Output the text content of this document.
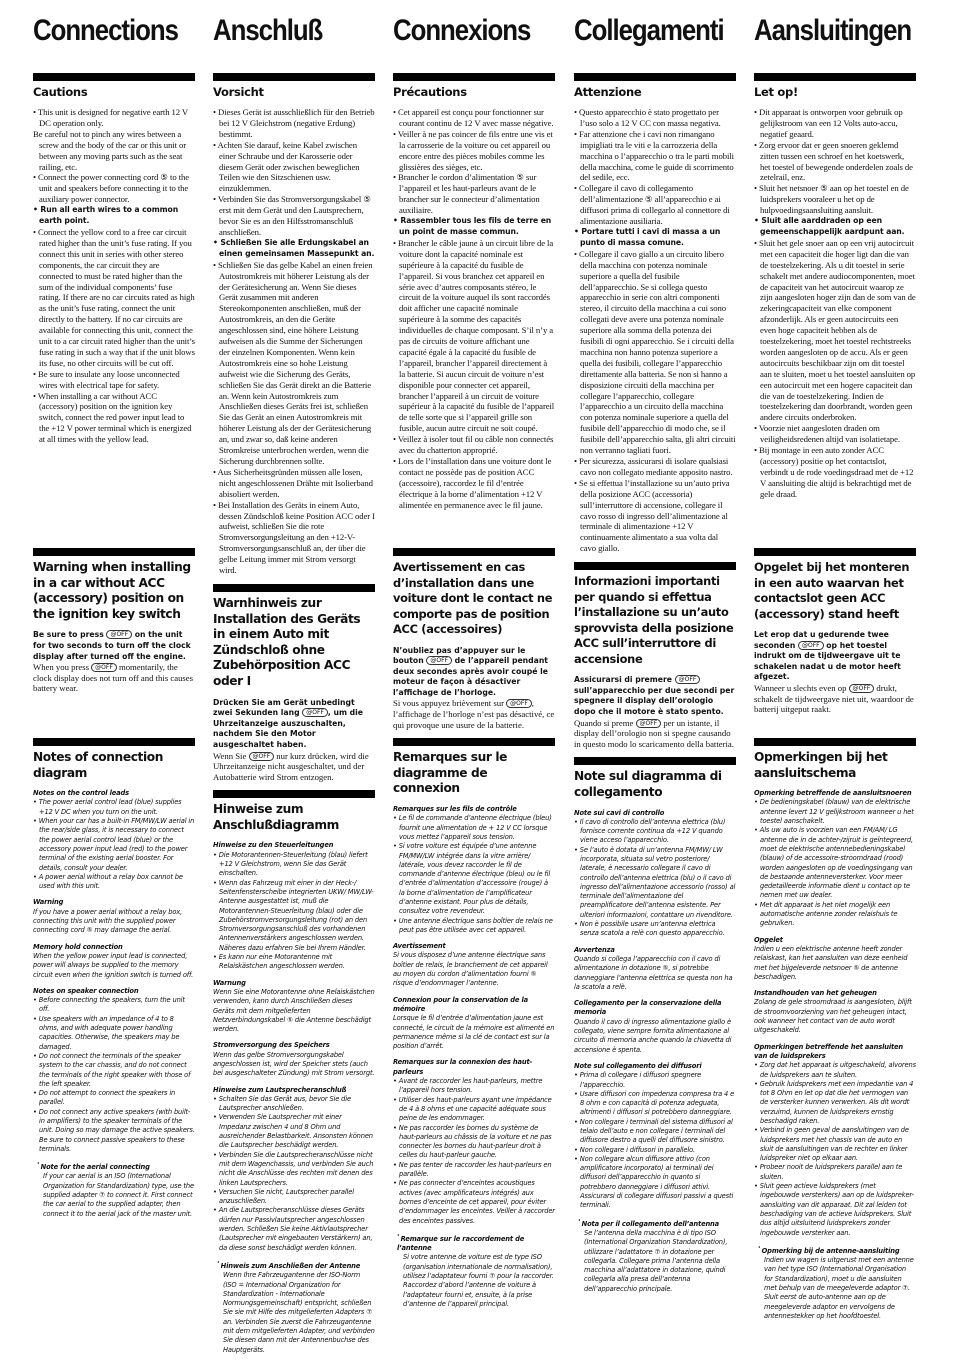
Connections
Cautions
• This unit is designed for negative earth 12 V DC operation only.
Be careful not to pinch any wires between a screw and the body of the car or this unit or between any moving parts such as the seat railing, etc.
• Connect the power connecting cord ⑤ to the unit and speakers before connecting it to the auxiliary power connector.
• Run all earth wires to a common earth point.
• Connect the yellow cord to a free car circuit rated higher than the unit’s fuse rating. If you connect this unit in series with other stereo components, the car circuit they are connected to must be rated higher than the sum of the individual components’ fuse rating. If there are no car circuits rated as high as the unit’s fuse rating, connect the unit directly to the battery. If no car circuits are available for connecting this unit, connect the unit to a car circuit rated higher than the unit’s fuse rating in such a way that if the unit blows its fuse, no other circuits will be cut off.
• Be sure to insulate any loose unconnected wires with electrical tape for safety.
• When installing a car without ACC (accessory) position on the ignition key switch, connect the red power input lead to the +12 V power terminal which is energized at all times with the yellow lead.
Warning when installing in a car without ACC (accessory) position on the ignition key switch
Be sure to press @OFF on the unit for two seconds to turn off the clock display after turned off the engine.
When you press @OFF momentarily, the clock display does not turn off and this causes battery wear.
Notes of connection diagram
Notes on the control leads
• The power aerial control lead (blue) supplies +12 V DC when you turn on the unit.
• When your car has a built-in FM/MW/LW aerial in the rear/side glass, it is necessary to connect the power aerial control lead (blue) or the accessory power input lead (red) to the power terminal of the existing aerial booster. For details, consult your dealer.
• A power aerial without a relay box cannot be used with this unit.
Warning
If you have a power aerial without a relay box, connecting this unit with the supplied power connecting cord ⑤ may damage the aerial.
Memory hold connection
When the yellow power input lead is connected, power will always be supplied to the memory circuit even when the ignition switch is turned off.
Notes on speaker connection
• Before connecting the speakers, turn the unit off.
• Use speakers with an impedance of 4 to 8 ohms, and with adequate power handling capacities. Otherwise, the speakers may be damaged.
• Do not connect the terminals of the speaker system to the car chassis, and do not connect the terminals of the right speaker with those of the left speaker.
• Do not attempt to connect the speakers in parallel.
• Do not connect any active speakers (with built-in amplifiers) to the speaker terminals of the unit. Doing so may damage the active speakers. Be sure to connect passive speakers to these terminals.
¹ Note for the aerial connecting
If your car aerial is an ISO (International Organization for Standardization) type, use the supplied adapter ⑦ to connect it. First connect the car aerial to the supplied adapter, then connect it to the aerial jack of the master unit.
Anschluß
Vorsicht
• Dieses Gerät ist ausschließlich für den Betrieb bei 12 V Gleichstrom (negative Erdung) bestimmt.
• Achten Sie darauf, keine Kabel zwischen einer Schraube und der Karosserie oder diesem Gerät oder zwischen beweglichen Teilen wie den Sitzschienen usw. einzuklemmen.
• Verbinden Sie das Stromversorgungskabel ⑤ erst mit dem Gerät und den Lautsprechern, bevor Sie es an den Hilfsstromanschluß anschließen.
• Schließen Sie alle Erdungskabel an einen gemeinsamen Massepunkt an.
• Schließen Sie das gelbe Kabel an einen freien Autostromkreis mit höherer Leistung als der der Gerätesicherung an. Wenn Sie dieses Gerät zusammen mit anderen Stereokomponenten anschließen, muß der Autostromkreis, an den die Geräte angeschlossen sind, eine höhere Leistung aufweisen als die Summe der Sicherungen der einzelnen Komponenten. Wenn kein Autostromkreis eine so hohe Leistung aufweist wie die Sicherung des Geräts, schließen Sie das Gerät direkt an die Batterie an. Wenn kein Autostromkreis zum Anschließen dieses Geräts frei ist, schließen Sie das Gerät an einen Autostromkreis mit höherer Leistung als der der Gerätesicherung an, und zwar so, daß keine anderen Stromkreise unterbrochen werden, wenn die Sicherung durchbrennen sollte.
• Aus Sicherheitsgründen müssen alle losen, nicht angeschlossenen Drähte mit Isolierband abisoliert werden.
• Bei Installation des Geräts in einem Auto, dessen Zündschloß keine Position ACC oder I aufweist, schließen Sie die rote Stromversorgungsleitung an den +12-V-Stromversorgungsanschluß an, der über die gelbe Leitung immer mit Strom versorgt wird.
Warnhinweis zur Installation des Geräts in einem Auto mit Zündschloß ohne Zubehörposition ACC oder I
Drücken Sie am Gerät unbedingt zwei Sekunden lang @OFF , um die Uhrzeitanzeige auszuschalten, nachdem Sie den Motor ausgeschaltet haben.
Wenn Sie @OFF nur kurz drücken, wird die Uhrzeitanzeige nicht ausgeschaltet, und der Autobatterie wird Strom entzogen.
Hinweise zum Anschlußdiagramm
Hinweise zu den Steuerleitungen
• Die Motorantennen-Steuerleitung (blau) liefert +12 V Gleichstrom, wenn Sie das Gerät einschalten.
• Wenn das Fahrzeug mit einer in der Heck-/ Seitenfensterscheibe integrierten UKW/ MW/LW-Antenne ausgestattet ist, muß die Motorantennen-Steuerleitung (blau) oder die Zubehörstromversorgungsleitung (rot) an den Stromversorgungsanschluß des vorhandenen Antennenverstärkers angeschlossen werden. Näheres dazu erfahren Sie bei Ihrem Händler.
• Es kann nur eine Motorantenne mit Relaiskästchen angeschlossen werden.
Warnung
Wenn Sie eine Motorantenne ohne Relaiskästchen verwenden, kann durch Anschließen dieses Geräts mit dem mitgelieferten Netzverbindungskabel ⑤ die Antenne beschädigt werden.
Stromversorgung des Speichers
Wenn das gelbe Stromversorgungskabel angeschlossen ist, wird der Speicher stets (auch bei ausgeschalteter Zündung) mit Strom versorgt.
Hinweise zum Lautsprecheranschluß
• Schalten Sie das Gerät aus, bevor Sie die Lautsprecher anschließen.
• Verwenden Sie Lautsprecher mit einer Impedanz zwischen 4 und 8 Ohm und ausreichender Belastbarkeit. Ansonsten können die Lautsprecher beschädigt werden.
• Verbinden Sie die Lautsprecheranschlüsse nicht mit dem Wagenchassis, und verbinden Sie auch nicht die Anschlüsse des rechten mit denen des linken Lautsprechers.
• Versuchen Sie nicht, Lautsprecher parallel anzuschließen.
• An die Lautsprecheranschlüsse dieses Geräts dürfen nur Passivlautsprecher angeschlossen werden. Schließen Sie keine Aktivlautsprecher (Lautsprecher mit eingebauten Verstärkern) an, da diese sonst beschädigt werden können.
¹ Hinweis zum Anschließen der Antenne
Wenn Ihre Fahrzeugantenne der ISO-Norm (ISO = International Organization for Standardization - Internationale Normungsgemeinschaft) entspricht, schließen Sie sie mit Hilfe des mitgelieferten Adapters ⑦ an. Verbinden Sie zuerst die Fahrzeugantenne mit dem mitgelieferten Adapter, und verbinden Sie diesen dann mit der Antennenbuchse des Hauptgeräts.
Connexions
Précautions
• Cet appareil est conçu pour fonctionner sur courant continu de 12 V avec masse négative.
• Veiller à ne pas coincer de fils entre une vis et la carrosserie de la voiture ou cet appareil ou encore entre des pièces mobiles comme les glissières des sièges, etc.
• Brancher le cordon d’alimentation ⑤ sur l’appareil et les haut-parleurs avant de le brancher sur le connecteur d’alimentation auxiliaire.
• Rassembler tous les fils de terre en un point de masse commun.
• Brancher le câble jaune à un circuit libre de la voiture dont la capacité nominale est supérieure à la capacité du fusible de l’appareil. Si vous branchez cet appareil en série avec d’autres composants stéreo, le circuit de la voiture auquel ils sont raccordés doit afficher une capacité nominale supérieure à la somme des capacités individuelles de chaque composant. S’il n’y a pas de circuits de voiture affichant une capacité égale à la capacité du fusible de l’appareil, brancher l’appareil directement à la batterie. Si aucun circuit de voiture n’est disponible pour connecter cet appareil, brancher l’appareil à un circuit de voiture supérieur à la capacité du fusible de l’appareil de telle sorte que si l’appareil grille son fusible, aucun autre circuit ne soit coupé.
• Veillez à isoler tout fil ou câble non connectés avec du chatterton approprié.
• Lors de l’installation dans une voiture dont le contact ne possède pas de position ACC (accessoire), raccordez le fil d’entrée électrique à la borne d’alimentation +12 V alimentée en permanence avec le fil jaune.
Avertissement en cas d’installation dans une voiture dont le contact ne comporte pas de position ACC (accessoires)
N’oubliez pas d’appuyer sur le bouton @OFF de l’appareil pendant deux secondes après avoir coupé le moteur de façon à désactiver l’affichage de l’horloge.
Si vous appuyez brièvement sur @OFF , l’affichage de l’horloge n’est pas désactivé, ce qui provoque une usure de la batterie.
Remarques sur le diagramme de connexion
Remarques sur les fils de contrôle
• Le fil de commande d’antenne électrique (bleu) fournit une alimentation de + 12 V CC lorsque vous mettez l’appareil sous tension.
• Si votre voiture est équipée d’une antenne FM/MW/LW intégrée dans la vitre arrière/ latérale, vous devez raccorder le fil de commande d’antenne électrique (bleu) ou le fil d’entrée d’alimentation d’accessoire (rouge) à la borne d’alimentation de l’amplificateur d’antenne existant. Pour plus de détails, consultez votre revendeur.
• Une antenne électrique sans boîtier de relais ne peut pas être utilisée avec cet appareil.
Avertissement
Si vous disposez d’une antenne électrique sans boîtier de relais, le branchement de cet appareil au moyen du cordon d’alimentation fourni ⑤ risque d’endommager l’antenne.
Connexion pour la conservation de la mémoire
Lorsque le fil d’entrée d’alimentation jaune est connecté, le circuit de la mémoire est alimenté en permanence même si la clé de contact est sur la position d’arrêt.
Remarques sur la connexion des haut-parleurs
• Avant de raccorder les haut-parleurs, mettre l’appareil hors tension.
• Utiliser des haut-parleurs ayant une impédance de 4 à 8 ohms et une capacité adéquate sous peine de les endommager.
• Ne pas raccorder les bornes du système de haut-parleurs au châssis de la voiture et ne pas connecter les bornes du haut-parleur droit à celles du haut-parleur gauche.
• Ne pas tenter de raccorder les haut-parleurs en parallèle.
• Ne pas connecter d’enceintes acoustiques actives (avec amplificateurs intégrés) aux bornes d’enceinte de cet appareil, pour éviter d’endommager les enceintes. Veiller à raccorder des enceintes passives.
¹ Remarque sur le raccordement de l’antenne
Si votre antenne de voiture est de type ISO (organisation internationale de normalisation), utilisez l’adaptateur fourni ⑦ pour la raccorder. Raccordez d’abord l’antenne de voiture à l’adaptateur fourni et, ensuite, à la prise d’antenne de l’appareil principal.
Collegamenti
Attenzione
• Questo apparecchio è stato progettato per l’uso solo a 12 V CC con massa negativa.
• Far attenzione che i cavi non rimangano impigliati tra le viti e la carrozzeria della macchina o l’apparecchio o tra le parti mobili della macchina, come le guide di scorrimento del sedile, ecc.
• Collegare il cavo di collegamento dell’alimentazione ⑤ all’apparecchio e ai diffusori prima di collegarlo al connettore di alimentazione ausiliaria.
• Portare tutti i cavi di massa a un punto di massa comune.
• Collegare il cavo giallo a un circuito libero della macchina con potenza nominale superiore a quella del fusibile dell’apparecchio. Se si collega questo apparecchio in serie con altri componenti stereo, il circuito della macchina a cui sono collegati deve avere una potenza nominale superiore alla somma della potenza dei fusibili di ogni apparecchio. Se i circuiti della macchina non hanno potenza superiore a quella dei fusibili, collegare l’apparecchio direttamente alla batteria. Se non si hanno a disposizione circuiti della macchina per collegare l’apparecchio, collegare l’apparecchio a un circuito della macchina con potenza nominale superiore a quella del fusibile dell’apparecchio di modo che, se il fusibile dell’apparecchio salta, gli altri circuiti non verranno tagliati fuori.
• Per sicurezza, assicurarsi di isolare qualsiasi cavo non collegato mediante apposito nastro.
• Se si effettua l’installazione su un’auto priva della posizione ACC (accessoria) sull’interruttore di accensione, collegare il cavo rosso di ingresso dell’alimentazione al terminale di alimentazione +12 V continuamente alimentato a sua volta dal cavo giallo.
Informazioni importanti per quando si effettua l’installazione su un’auto sprovvista della posizione ACC sull’interruttore di accensione
Assicurarsi di premere @OFF sull’apparecchio per due secondi per spegnere il display dell’orologio dopo che il motore è stato spento.
Quando si preme @OFF per un istante, il display dell’orologio non si spegne causando in questo modo lo scaricamento della batteria.
Note sul diagramma di collegamento
Note sui cavi di controllo
• Il cavo di controllo dell’antenna elettrica (blu) fornisce corrente continua da +12 V quando viene acceso l’apparecchio.
• Se l’auto è dotata di un’antenna FM/MW/ LW incorporata, situata sul vetro posteriore/ laterale, è necessario collegare il cavo di controllo dell’antenna elettrica (blu) o il cavo di ingresso dell’alimentazione accessorio (rosso) al terminale dell’alimentazione del preamplificatore dell’antenna esistente. Per ulteriori informazioni, contattare un rivenditore.
• Non è possibile usare un’antenna elettrica senza scatola a relè con questo apparecchio.
Avvertenza
Quando si collega l’apparecchio con il cavo di alimentazione in dotazione ⑤, si potrebbe danneggiare l’antenna elettrica se questa non ha la scatola a relè.
Collegamento per la conservazione della memoria
Quando il cavo di ingresso alimentazione giallo è collegato, viene sempre fornita alimentazione al circuito di memoria anche quando la chiavetta di accensione è spenta.
Note sul collegamento dei diffusori
• Prima di collegare i diffusori spegnere l’apparecchio.
• Usare diffusori con impedenza compresa tra 4 e 8 ohm e con capacità di potenza adeguata, altrimenti i diffusori si potrebbero danneggiare.
• Non collegare i terminali del sistema diffusori al telaio dell’auto e non collegare i terminali del diffusore destro a quelli del diffusore sinistro.
• Non collegare i diffusori in parallelo.
• Non collegare alcun diffusore attivo (con amplificatore incorporato) ai terminali dei diffusori dell’apparecchio in quanto si potrebbero danneggiare i diffusori attivi. Assicurarsi di collegare diffusori passivi a questi terminali.
¹ Nota per il collegamento dell’antenna
Se l’antenna della macchina è di tipo ISO (International Organization Standardization), utilizzare l’adattatore ⑦ in dotazione per collegarla. Collegare prima l’antenna della macchina all’adattatore in dotazione, quindi collegarla alla presa dell’antenna dell’apparecchio principale.
Aansluitingen
Let op!
• Dit apparaat is ontworpen voor gebruik op gelijkstroom van een 12 Volts auto-accu, negatief geaard.
• Zorg ervoor dat er geen snoeren geklemd zitten tussen een schroef en het koetswerk, het toestel of bewegende onderdelen zoals de zetelrail, enz.
• Sluit het netsnoer ⑤ aan op het toestel en de luidsprekers vooraleer u het op de hulpvoedingsaansluiting aansluit.
• Sluit alle aarddraden op een gemeenschappelijk aardpunt aan.
• Sluit het gele snoer aan op een vrij autocircuit met een capaciteit die hoger ligt dan die van de toestelzekering. Als u dit toestel in serie schakelt met andere audiocomponenten, moet de capaciteit van het autocircuit waarop ze zijn aangesloten hoger zijn dan de som van de zekeringcapaciteit van elke component afzonderlijk. Als er geen autocircuits een even hoge capaciteit hebben als de toestelzekering, moet het toestel rechtstreeks worden aangesloten op de accu. Als er geen autocircuits beschikbaar zijn om dit toestel aan te sluiten, moet u het toestel aansluiten op een autocircuit met een hogere capaciteit dan die van de toestelzekering. Indien de toestelzekering dan doorbrandt, worden geen andere circuits onderbroken.
• Voorzie niet aangesloten draden om veiligheidsredenen altijd van isolatietape.
• Bij montage in een auto zonder ACC (accessory) positie op het contactslot, verbindt u de rode voedingsdraad met de +12 V aansluiting die altijd is bekrachtigd met de gele draad.
Opgelet bij het monteren in een auto waarvan het contactslot geen ACC (accessory) stand heeft
Let erop dat u gedurende twee seconden @OFF op het toestel indrukt om de tijdweergave uit te schakelen nadat u de motor heeft afgezet.
Wanneer u slechts even op @OFF drukt, schakelt de tijdweergave niet uit, waardoor de batterij uitgeput raakt.
Opmerkingen bij het aansluitschema
Opmerking betreffende de aansluitsnoeren
• De bedieningskabel (blauw) van de elektrische antenne levert 12 V gelijkstroom wanneer u het toestel aanschakelt.
• Als uw auto is voorzien van een FM/AM/ LG antenne die in de achter-/zijruit is geïntegreerd, moet de elektrische antennebedieningskabel (blauw) of de accessoire-stroomdraad (rood) worden aangesloten op de voedingsingang van de bestaande antenneversterker. Voor meer gedetailleerde informatie dient u contact op te nemen met uw dealer.
• Met dit apparaat is het niet mogelijk een automatische antenne zonder relaishuis te gebruiken.
Opgelet
Indien u een elektrische antenne heeft zonder relaiskast, kan het aansluiten van deze eenheid met het bijgeleverde netsnoer ⑤ de antenne beschadigen.
Instandhouden van het geheugen
Zolang de gele stroomdraad is aangesloten, blijft de stroomvoorziening van het geheugen intact, ook wanneer het contact van de auto wordt uitgeschakeld.
Opmerkingen betreffende het aansluiten van de luidsprekers
• Zorg dat het apparaat is uitgeschakeld, alvorens de luidsprekers aan te sluiten.
• Gebruik luidsprekers met een impedantie van 4 tot 8 Ohm en let op dat die het vermogen van de versterker kunnen verwerken. Als dit wordt verzuimd, kunnen de luidsprekers ernstig beschadigd raken.
• Verbind in geen geval de aansluitingen van de luidsprekers met het chassis van de auto en sluit de aansluitingen van de rechter en linker luidspreker niet op elkaar aan.
• Probeer nooit de luidsprekers parallel aan te sluiten.
• Sluit geen actieve luidsprekers (met ingebouwde versterkers) aan op de luidspreker-aansluiting van dit apparaat. Dit zal leiden tot beschadiging van de actieve luidsprekers. Sluit dus altijd uitsluitend luidsprekers zonder ingebouwde versterker aan.
¹ Opmerking bij de antenne-aansluiting
Indien uw wagen is uitgerust met een antenne van het type ISO (International Organisation for Standardization), moet u die aansluiten met behulp van de meegeleverde adaptor ⑦. Sluit eerst de auto-antenne aan op de meegeleverde adaptor en vervolgens de antennestekker op het hoofdtoestel.
